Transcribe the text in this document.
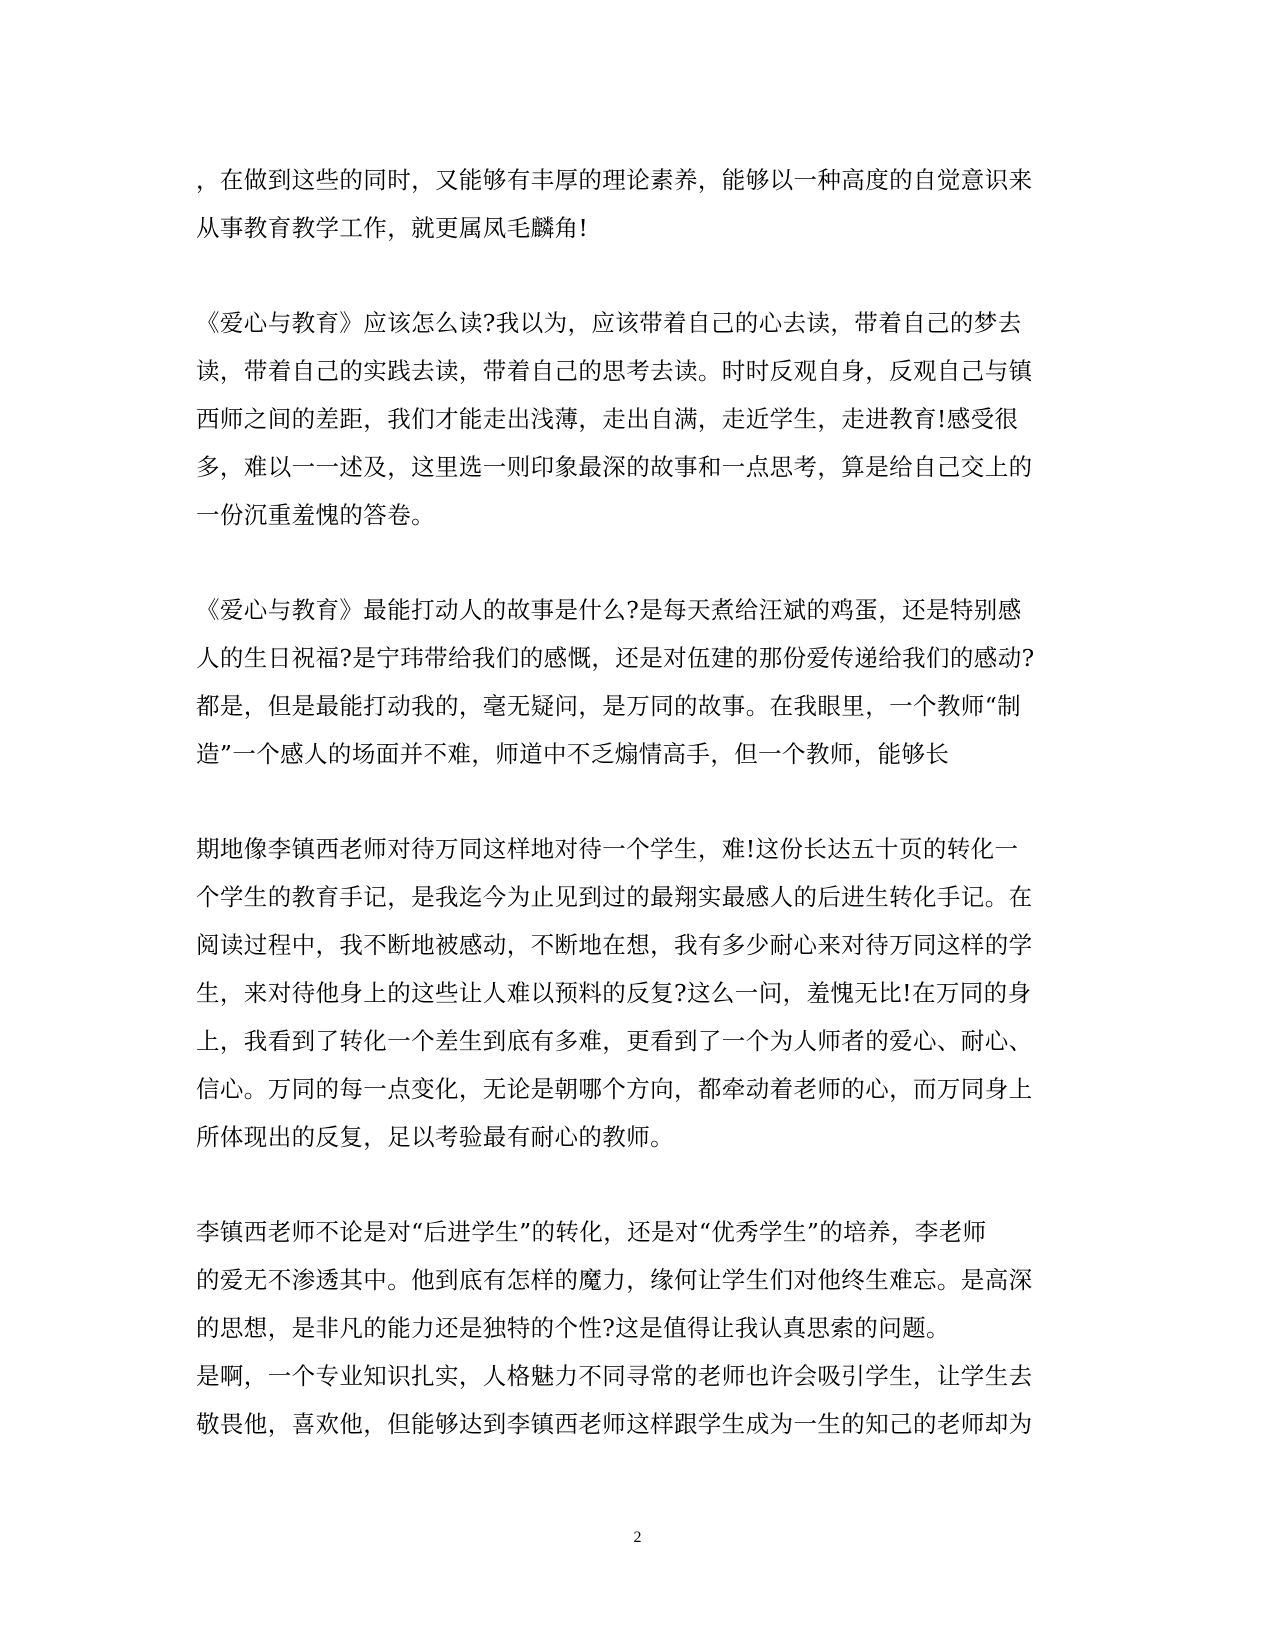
，在做到这些的同时，又能够有丰厚的理论素养，能够以一种高度的自觉意识来
从事教育教学工作，就更属凤毛麟角!
《爱心与教育》应该怎么读?我以为，应该带着自己的心去读，带着自己的梦去
读，带着自己的实践去读，带着自己的思考去读。时时反观自身，反观自己与镇
西师之间的差距，我们才能走出浅薄，走出自满，走近学生，走进教育!感受很
多，难以一一述及，这里选一则印象最深的故事和一点思考，算是给自己交上的
一份沉重羞愧的答卷。
《爱心与教育》最能打动人的故事是什么?是每天煮给汪斌的鸡蛋，还是特别感
人的生日祝福?是宁玮带给我们的感慨，还是对伍建的那份爱传递给我们的感动?
都是，但是最能打动我的，毫无疑问，是万同的故事。在我眼里，一个教师“制
造”一个感人的场面并不难，师道中不乏煽情高手，但一个教师，能够长
期地像李镇西老师对待万同这样地对待一个学生，难!这份长达五十页的转化一
个学生的教育手记，是我迄今为止见到过的最翔实最感人的后进生转化手记。在
阅读过程中，我不断地被感动，不断地在想，我有多少耐心来对待万同这样的学
生，来对待他身上的这些让人难以预料的反复?这么一问，羞愧无比!在万同的身
上，我看到了转化一个差生到底有多难，更看到了一个为人师者的爱心、耐心、
信心。万同的每一点变化，无论是朝哪个方向，都牵动着老师的心，而万同身上
所体现出的反复，足以考验最有耐心的教师。
李镇西老师不论是对“后进学生”的转化，还是对“优秀学生”的培养，李老师
的爱无不渗透其中。他到底有怎样的魔力，缘何让学生们对他终生难忘。是高深
的思想，是非凡的能力还是独特的个性?这是值得让我认真思索的问题。
是啊，一个专业知识扎实，人格魅力不同寻常的老师也许会吸引学生，让学生去
敬畏他，喜欢他，但能够达到李镇西老师这样跟学生成为一生的知己的老师却为
2
